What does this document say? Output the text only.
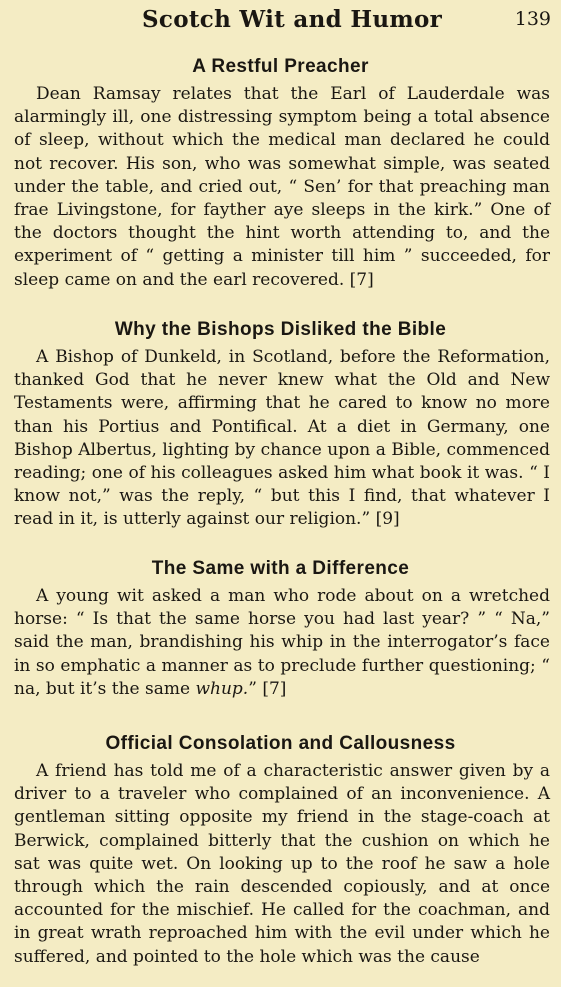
Scotch Wit and Humor	139
A Restful Preacher

Dean Ramsay relates that the Earl of Lauderdale was alarmingly ill, one distressing symptom being a total absence of sleep, without which the medical man declared he could not recover. His son, who was somewhat simple, was seated under the table, and cried out, “ Sen’ for that preaching man frae Livingstone, for fayther aye sleeps in the kirk.” One of the doctors thought the hint worth attending to, and the experiment of “ getting a minister till him ” succeeded, for sleep came on and the earl recovered. [7]

Why the Bishops Disliked the Bible

A Bishop of Dunkeld, in Scotland, before the Reformation, thanked God that he never knew what the Old and New Testaments were, affirming that he cared to know no more than his Portius and Pontifical. At a diet in Germany, one Bishop Albertus, lighting by chance upon a Bible, commenced reading; one of his colleagues asked him what book it was. “ I know not,” was the reply, “ but this I find, that whatever I read in it, is utterly against our religion.” [9]

The Same with a Difference

A young wit asked a man who rode about on a wretched horse: “ Is that the same horse you had last year? ” “ Na,” said the man, brandishing his whip in the interrogator’s face in so emphatic a manner as to preclude further questioning; “ na, but it’s the same whup.” [7]

Official Consolation and Callousness

A friend has told me of a characteristic answer given by a driver to a traveler who complained of an inconvenience. A gentleman sitting opposite my friend in the stage-coach at Berwick, complained bitterly that the cushion on which he sat was quite wet. On looking up to the roof he saw a hole through which the rain descended copiously, and at once accounted for the mischief. He called for the coachman, and in great wrath reproached him with the evil under which he suffered, and pointed to the hole which was the cause
